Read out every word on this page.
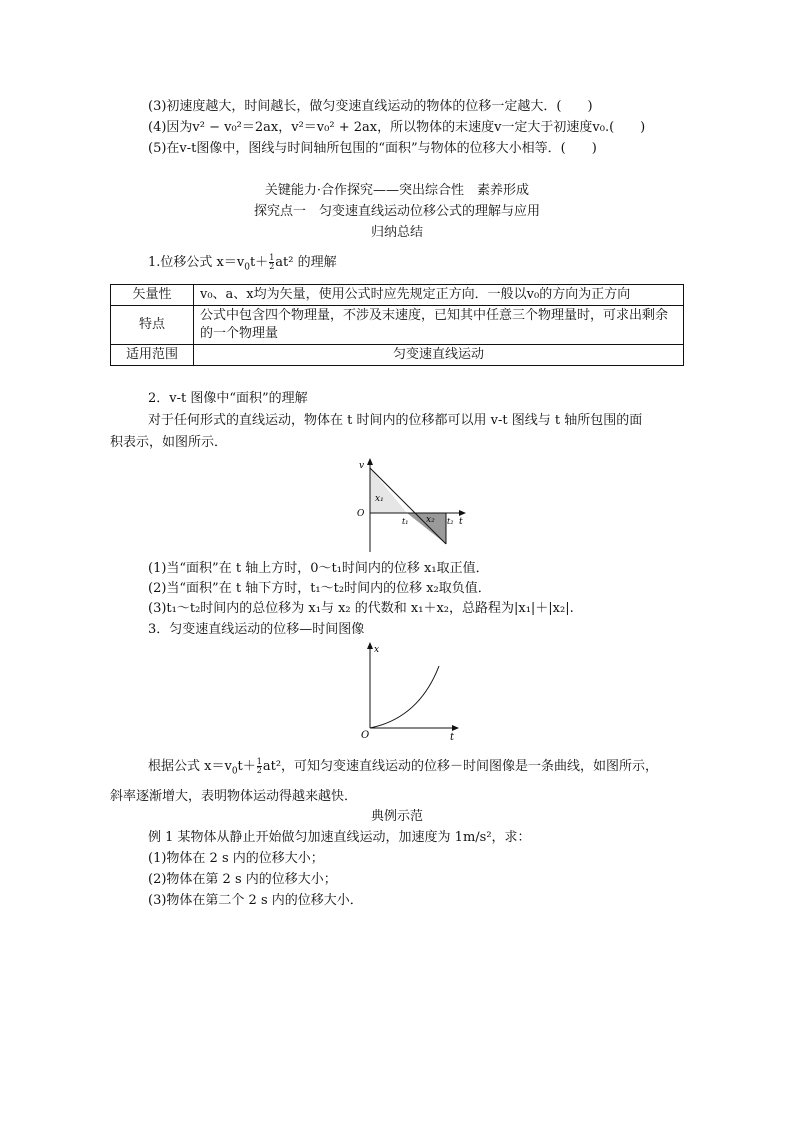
(3)初速度越大，时间越长，做匀变速直线运动的物体的位移一定越大．(　　)
(4)因为v² − v₀²＝2ax，v²＝v₀² + 2ax，所以物体的末速度v一定大于初速度v₀.(　　)
(5)在v-t图像中，图线与时间轴所包围的“面积”与物体的位移大小相等．(　　)
关键能力·合作探究——突出综合性　素养形成
探究点一　匀变速直线运动位移公式的理解与应用
归纳总结
1.位移公式 $x=v_0t+ \frac{1}{2} at^2$ 的理解
矢量性	v₀、a、x均为矢量，使用公式时应先规定正方向．一般以v₀的方向为正方向
特点	公式中包含四个物理量，不涉及末速度，已知其中任意三个物理量时，可求出剩余的一个物理量
适用范围	匀变速直线运动
2．v-t 图像中“面积”的理解
对于任何形式的直线运动，物体在 t 时间内的位移都可以用 v-t 图线与 t 轴所包围的面
积表示，如图所示．
v
O
t
t₁	t₂
x₁
x₂
(1)当“面积”在 t 轴上方时，0～t₁时间内的位移 x₁取正值．
(2)当“面积”在 t 轴下方时，t₁～t₂时间内的位移 x₂取负值．
(3)t₁～t₂时间内的总位移为 x₁与 x₂ 的代数和 x₁＋x₂，总路程为|x₁|＋|x₂|.
3．匀变速直线运动的位移—时间图像
x
O	t
根据公式 $x=v_0t+ \frac{1}{2} at^2$，可知匀变速直线运动的位移－时间图像是一条曲线，如图所示，
斜率逐渐增大，表明物体运动得越来越快．
典例示范
例 1 某物体从静止开始做匀加速直线运动，加速度为 1m/s²，求：
(1)物体在 2 s 内的位移大小；
(2)物体在第 2 s 内的位移大小；
(3)物体在第二个 2 s 内的位移大小．
